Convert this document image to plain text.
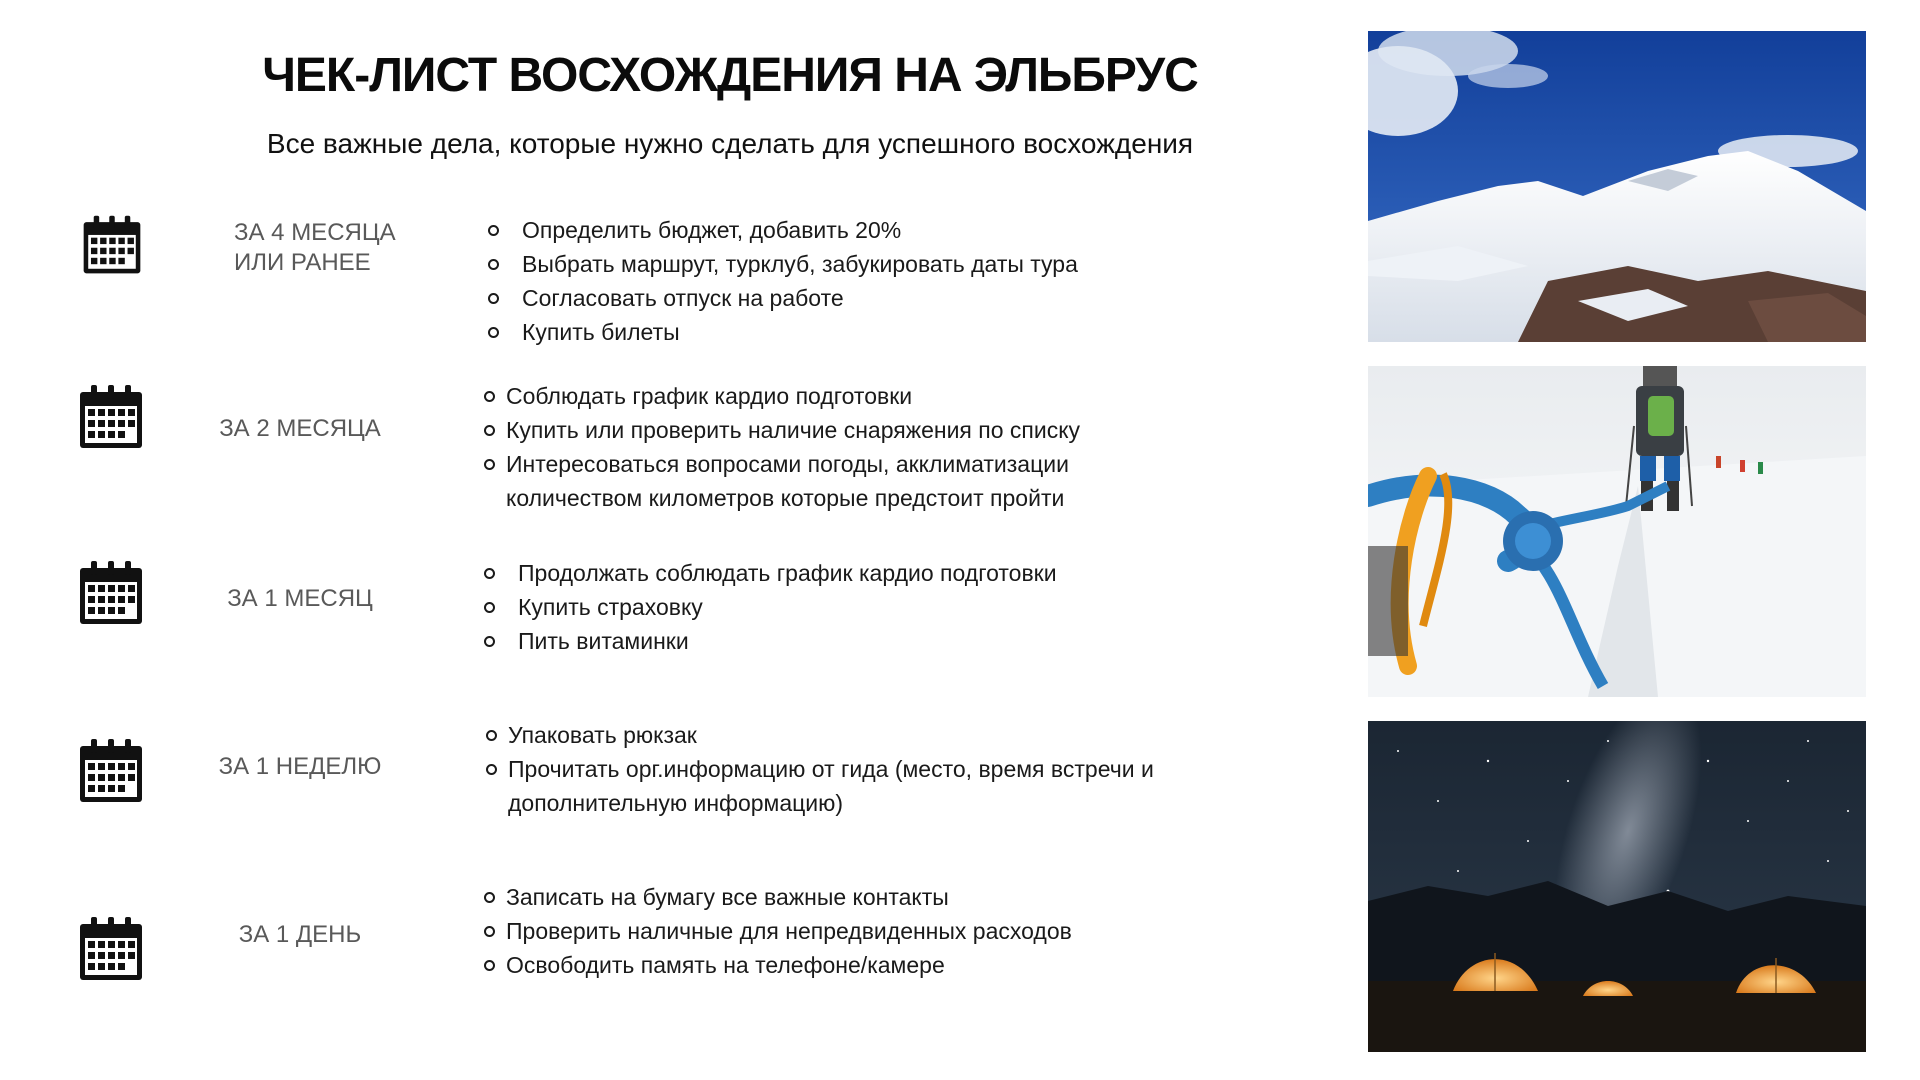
ЧЕК-ЛИСТ ВОСХОЖДЕНИЯ НА ЭЛЬБРУС
Все важные дела, которые нужно сделать для успешного восхождения
ЗА 4 МЕСЯЦА
ИЛИ РАНЕЕ
Определить бюджет, добавить 20%
Выбрать маршрут, турклуб, забукировать даты тура
Согласовать отпуск на работе
Купить билеты
ЗА 2 МЕСЯЦА
Соблюдать график кардио подготовки
Купить или проверить наличие снаряжения по списку
Интересоваться вопросами погоды, акклиматизации количеством километров которые предстоит пройти
ЗА 1 МЕСЯЦ
Продолжать соблюдать график кардио подготовки
Купить страховку
Пить витаминки
ЗА 1 НЕДЕЛЮ
Упаковать рюкзак
Прочитать орг.информацию от гида (место, время встречи и дополнительную информацию)
ЗА 1 ДЕНЬ
Записать на бумагу все важные контакты
Проверить наличные для непредвиденных расходов
Освободить память на телефоне/камере
